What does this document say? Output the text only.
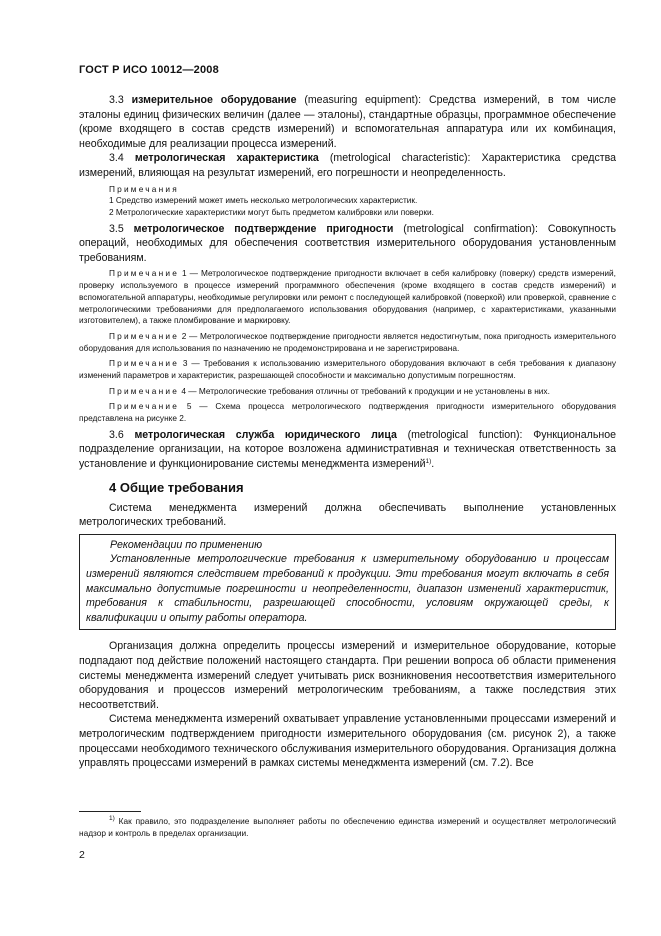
ГОСТ Р ИСО 10012—2008

3.3 измерительное оборудование (measuring equipment): Средства измерений, в том числе эталоны единиц физических величин (далее — эталоны), стандартные образцы, программное обеспечение (кроме входящего в состав средств измерений) и вспомогательная аппаратура или их комбинация, необходимые для реализации процесса измерений.

3.4 метрологическая характеристика (metrological characteristic): Характеристика средства измерений, влияющая на результат измерений, его погрешности и неопределенность.

Примечания

1 Средство измерений может иметь несколько метрологических характеристик.

2 Метрологические характеристики могут быть предметом калибровки или поверки.

3.5 метрологическое подтверждение пригодности (metrological confirmation): Совокупность операций, необходимых для обеспечения соответствия измерительного оборудования установленным требованиям.

Примечание 1 — Метрологическое подтверждение пригодности включает в себя калибровку (поверку) средств измерений, проверку используемого в процессе измерений программного обеспечения (кроме входящего в состав средств измерений) и вспомогательной аппаратуры, необходимые регулировки или ремонт с последующей калибровкой (поверкой) или проверкой, сравнение с метрологическими требованиями для предполагаемого использования оборудования (например, с характеристиками, указанными изготовителем), а также пломбирование и маркировку.

Примечание 2 — Метрологическое подтверждение пригодности является недостигнутым, пока пригодность измерительного оборудования для использования по назначению не продемонстрирована и не зарегистрирована.

Примечание 3 — Требования к использованию измерительного оборудования включают в себя требования к диапазону изменений параметров и характеристик, разрешающей способности и максимально допустимым погрешностям.

Примечание 4 — Метрологические требования отличны от требований к продукции и не установлены в них.

Примечание 5 — Схема процесса метрологического подтверждения пригодности измерительного оборудования представлена на рисунке 2.

3.6 метрологическая служба юридического лица (metrological function): Функциональное подразделение организации, на которое возложена административная и техническая ответственность за установление и функционирование системы менеджмента измерений$^{1)}$.

4 Общие требования

Система менеджмента измерений должна обеспечивать выполнение установленных метрологических требований.

Рекомендации по применению

Установленные метрологические требования к измерительному оборудованию и процессам измерений являются следствием требований к продукции. Эти требования могут включать в себя максимально допустимые погрешности и неопределенности, диапазон изменений характеристик, требования к стабильности, разрешающей способности, условиям окружающей среды, к квалификации и опыту работы оператора.

Организация должна определить процессы измерений и измерительное оборудование, которые подпадают под действие положений настоящего стандарта. При решении вопроса об области применения системы менеджмента измерений следует учитывать риск возникновения несоответствия измерительного оборудования и процессов измерений метрологическим требованиям, а также последствия этих несоответствий.

Система менеджмента измерений охватывает управление установленными процессами измерений и метрологическим подтверждением пригодности измерительного оборудования (см. рисунок 2), а также процессами необходимого технического обслуживания измерительного оборудования. Организация должна управлять процессами измерений в рамках системы менеджмента измерений (см. 7.2). Все

$^{1)}$ Как правило, это подразделение выполняет работы по обеспечению единства измерений и осуществляет метрологический надзор и контроль в пределах организации.

2
